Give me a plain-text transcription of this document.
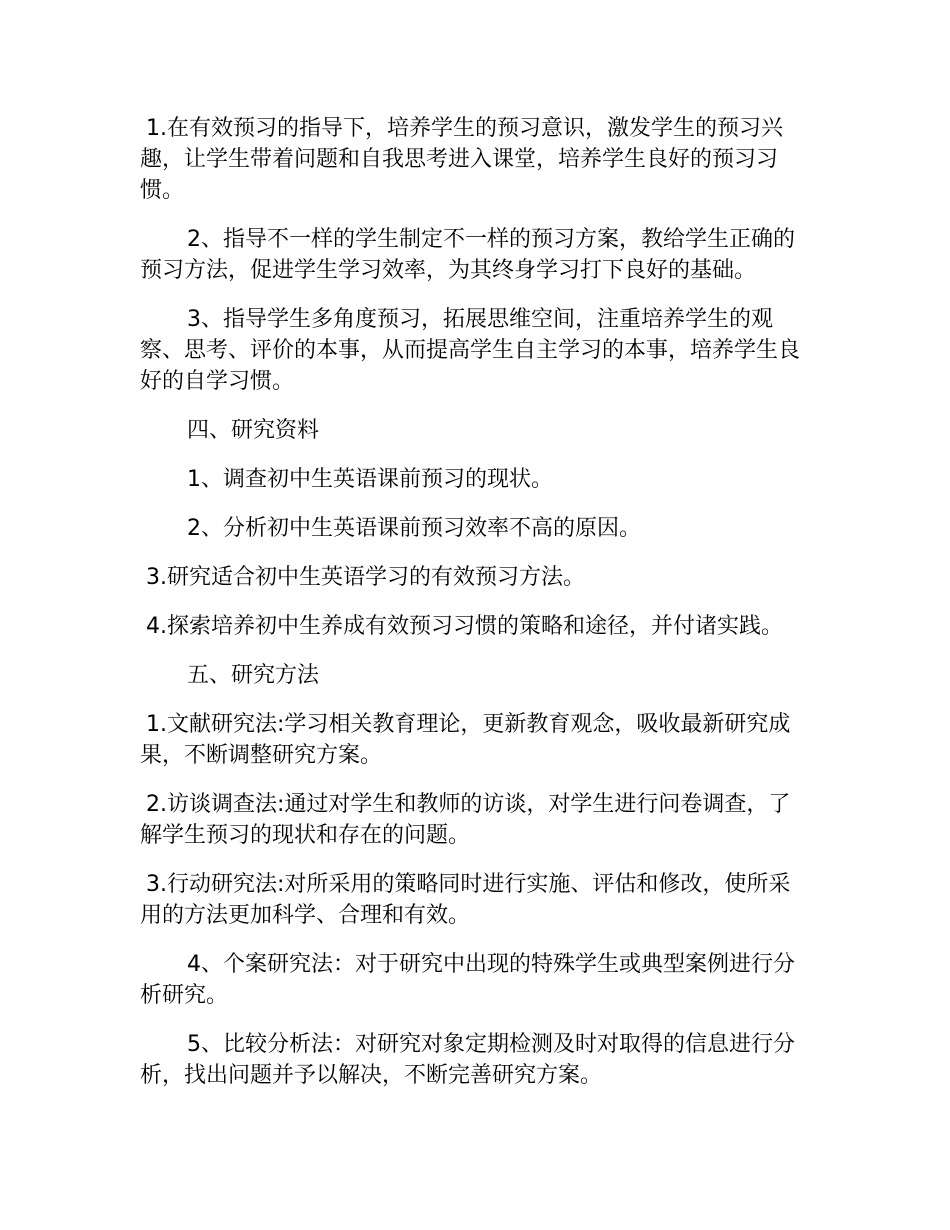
1.在有效预习的指导下，培养学生的预习意识，激发学生的预习兴趣，让学生带着问题和自我思考进入课堂，培养学生良好的预习习惯。

2、指导不一样的学生制定不一样的预习方案，教给学生正确的预习方法，促进学生学习效率，为其终身学习打下良好的基础。

3、指导学生多角度预习，拓展思维空间，注重培养学生的观察、思考、评价的本事，从而提高学生自主学习的本事，培养学生良好的自学习惯。

四、研究资料

1、调查初中生英语课前预习的现状。

2、分析初中生英语课前预习效率不高的原因。

3.研究适合初中生英语学习的有效预习方法。

4.探索培养初中生养成有效预习习惯的策略和途径，并付诸实践。

五、研究方法

1.文献研究法:学习相关教育理论，更新教育观念，吸收最新研究成果，不断调整研究方案。

2.访谈调查法:通过对学生和教师的访谈，对学生进行问卷调查，了解学生预习的现状和存在的问题。

3.行动研究法:对所采用的策略同时进行实施、评估和修改，使所采用的方法更加科学、合理和有效。

4、个案研究法：对于研究中出现的特殊学生或典型案例进行分析研究。

5、比较分析法：对研究对象定期检测及时对取得的信息进行分析，找出问题并予以解决，不断完善研究方案。
